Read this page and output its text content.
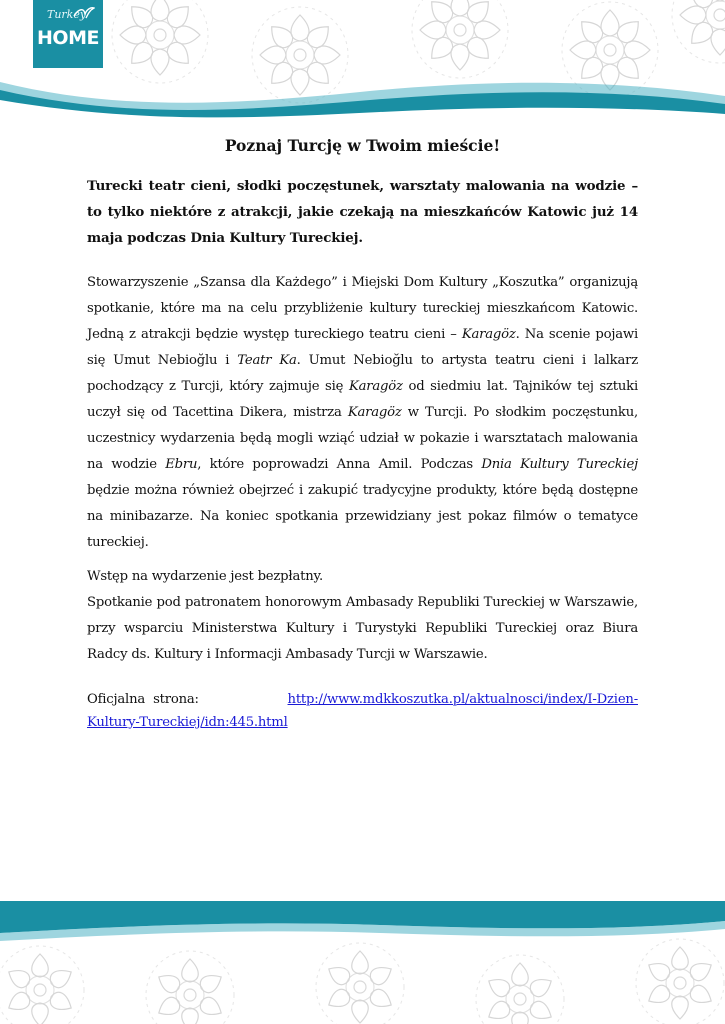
Turkey
HOME
Poznaj Turcję w Twoim mieście!

Turecki teatr cieni, słodki poczęstunek, warsztaty malowania na wodzie – to tylko niektóre z atrakcji, jakie czekają na mieszkańców Katowic już 14 maja podczas Dnia Kultury Tureckiej.

Stowarzyszenie „Szansa dla Każdego” i Miejski Dom Kultury „Koszutka” organizują spotkanie, które ma na celu przybliżenie kultury tureckiej mieszkańcom Katowic. Jedną z atrakcji będzie występ tureckiego teatru cieni – Karagöz. Na scenie pojawi się Umut Nebioğlu i Teatr Ka. Umut Nebioğlu to artysta teatru cieni i lalkarz pochodzący z Turcji, który zajmuje się Karagöz od siedmiu lat. Tajników tej sztuki uczył się od Tacettina Dikera, mistrza Karagöz w Turcji. Po słodkim poczęstunku, uczestnicy wydarzenia będą mogli wziąć udział w pokazie i warsztatach malowania na wodzie Ebru, które poprowadzi Anna Amil. Podczas Dnia Kultury Tureckiej będzie można również obejrzeć i zakupić tradycyjne produkty, które będą dostępne na minibazarze. Na koniec spotkania przewidziany jest pokaz filmów o tematyce tureckiej.

Wstęp na wydarzenie jest bezpłatny.

Spotkanie pod patronatem honorowym Ambasady Republiki Tureckiej w Warszawie, przy wsparciu Ministerstwa Kultury i Turystyki Republiki Tureckiej oraz Biura Radcy ds. Kultury i Informacji Ambasady Turcji w Warszawie.

Oficjalna strona:	http://www.mdkkoszutka.pl/aktualnosci/index/I-Dzien-Kultury-Tureckiej/idn:445.html
